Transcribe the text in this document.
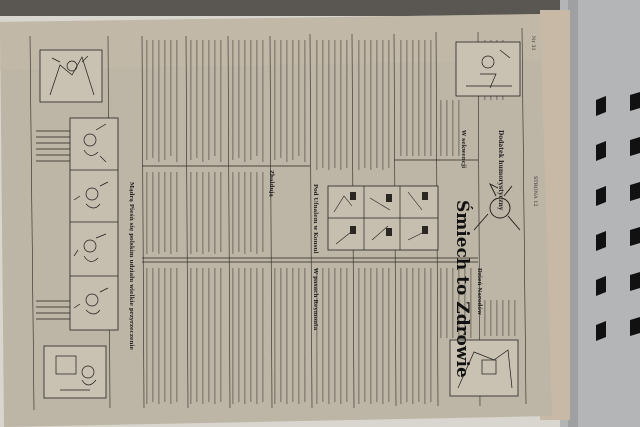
Śmiech to Zdrowie
Dodatek humorystyczny
Nr 31
STRONA 12
W sekwencji
Pod Ufnalem w Konsul
W pasach Reymonta
Zbaldują
Dzień Narodów
Mądrą Pieśń się polskim udziału wielkie przyrzeczenie
